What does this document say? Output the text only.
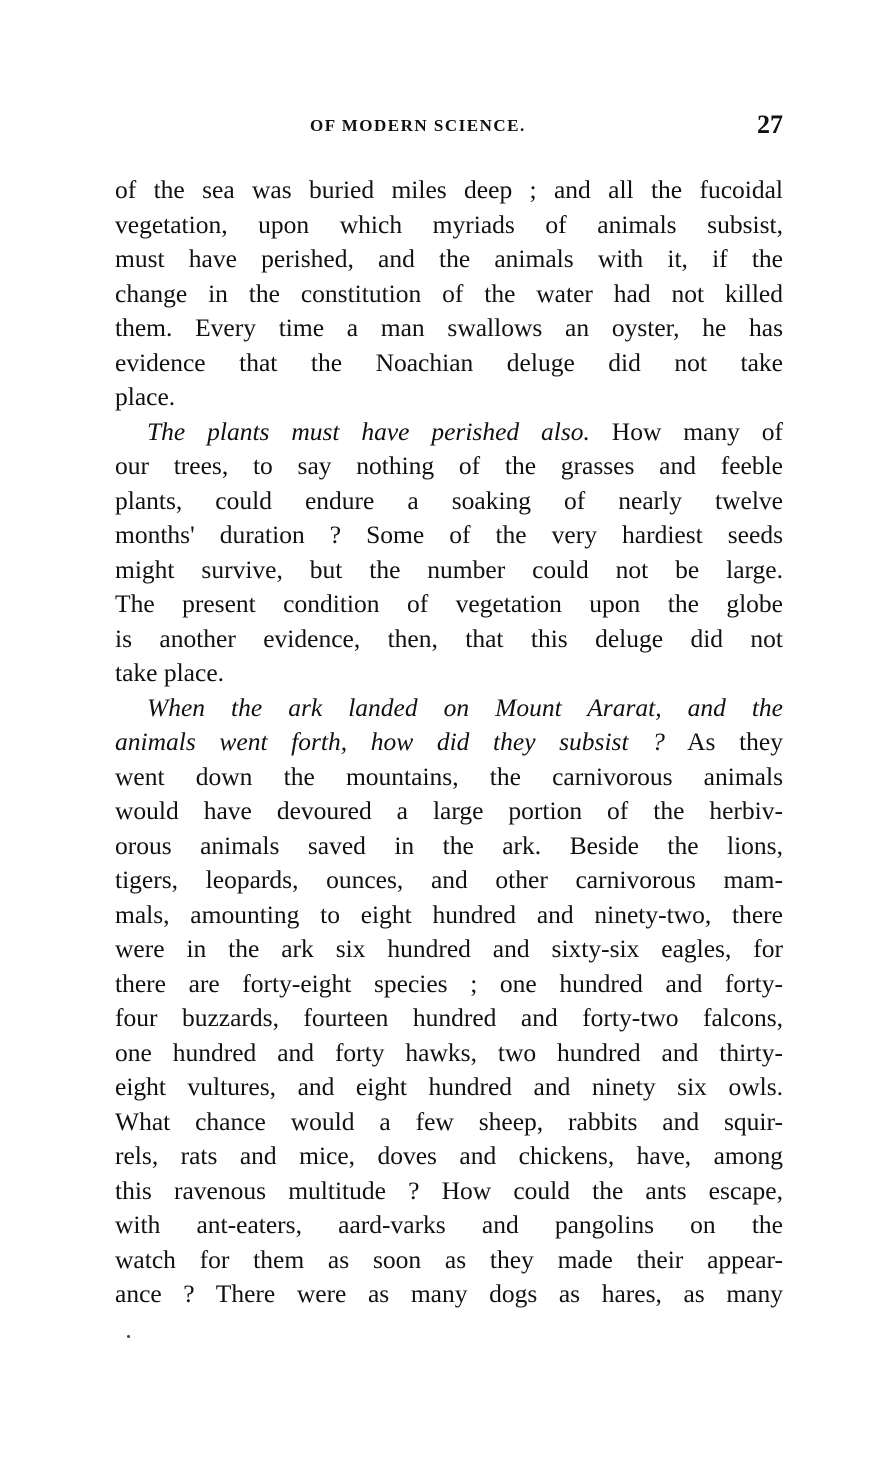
OF MODERN SCIENCE.	27
of the sea was buried miles deep ; and all the fucoidal
vegetation, upon which myriads of animals subsist,
must have perished, and the animals with it, if the
change in the constitution of the water had not killed
them. Every time a man swallows an oyster, he has
evidence that the Noachian deluge did not take
place.
The plants must have perished also. How many of
our trees, to say nothing of the grasses and feeble
plants, could endure a soaking of nearly twelve
months' duration ? Some of the very hardiest seeds
might survive, but the number could not be large.
The present condition of vegetation upon the globe
is another evidence, then, that this deluge did not
take place.
When the ark landed on Mount Ararat, and the
animals went forth, how did they subsist ? As they
went down the mountains, the carnivorous animals
would have devoured a large portion of the herbiv-
orous animals saved in the ark. Beside the lions,
tigers, leopards, ounces, and other carnivorous mam-
mals, amounting to eight hundred and ninety-two, there
were in the ark six hundred and sixty-six eagles, for
there are forty-eight species ; one hundred and forty-
four buzzards, fourteen hundred and forty-two falcons,
one hundred and forty hawks, two hundred and thirty-
eight vultures, and eight hundred and ninety six owls.
What chance would a few sheep, rabbits and squir-
rels, rats and mice, doves and chickens, have, among
this ravenous multitude ? How could the ants escape,
with ant-eaters, aard-varks and pangolins on the
watch for them as soon as they made their appear-
ance ? There were as many dogs as hares, as many
